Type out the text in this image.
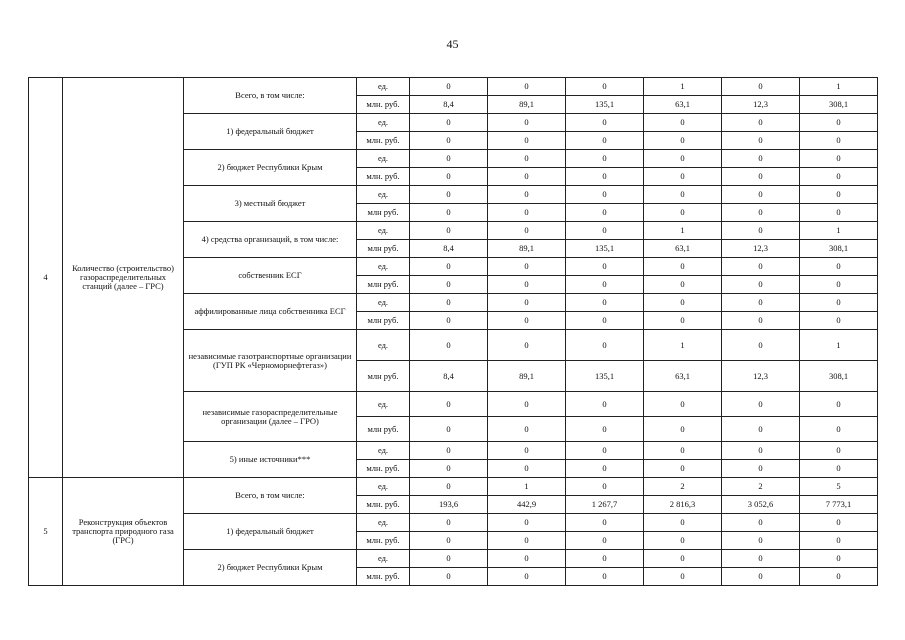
45
4	Количество (строительство) газораспределительных станций (далее – ГРС)	Всего, в том числе:	ед.	0	0	0	1	0	1
			млн. руб.	8,4	89,1	135,1	63,1	12,3	308,1
		1) федеральный бюджет	ед.	0	0	0	0	0	0
			млн. руб.	0	0	0	0	0	0
		2) бюджет Республики Крым	ед.	0	0	0	0	0	0
			млн. руб.	0	0	0	0	0	0
		3) местный бюджет	ед.	0	0	0	0	0	0
			млн руб.	0	0	0	0	0	0
		4) средства организаций, в том числе:	ед.	0	0	0	1	0	1
			млн руб.	8,4	89,1	135,1	63,1	12,3	308,1
		собственник ЕСГ	ед.	0	0	0	0	0	0
			млн руб.	0	0	0	0	0	0
		аффилированные лица собственника ЕСГ	ед.	0	0	0	0	0	0
			млн руб.	0	0	0	0	0	0
		независимые газотранспортные организации (ГУП РК «Черноморнефтегаз»)	ед.	0	0	0	1	0	1
			млн руб.	8,4	89,1	135,1	63,1	12,3	308,1
		независимые газораспределительные организации (далее – ГРО)	ед.	0	0	0	0	0	0
			млн руб.	0	0	0	0	0	0
		5) иные источники***	ед.	0	0	0	0	0	0
			млн. руб.	0	0	0	0	0	0
5	Реконструкция объектов транспорта природного газа (ГРС)	Всего, в том числе:	ед.	0	1	0	2	2	5
			млн. руб.	193,6	442,9	1 267,7	2 816,3	3 052,6	7 773,1
		1) федеральный бюджет	ед.	0	0	0	0	0	0
			млн. руб.	0	0	0	0	0	0
		2) бюджет Республики Крым	ед.	0	0	0	0	0	0
			млн. руб.	0	0	0	0	0	0
